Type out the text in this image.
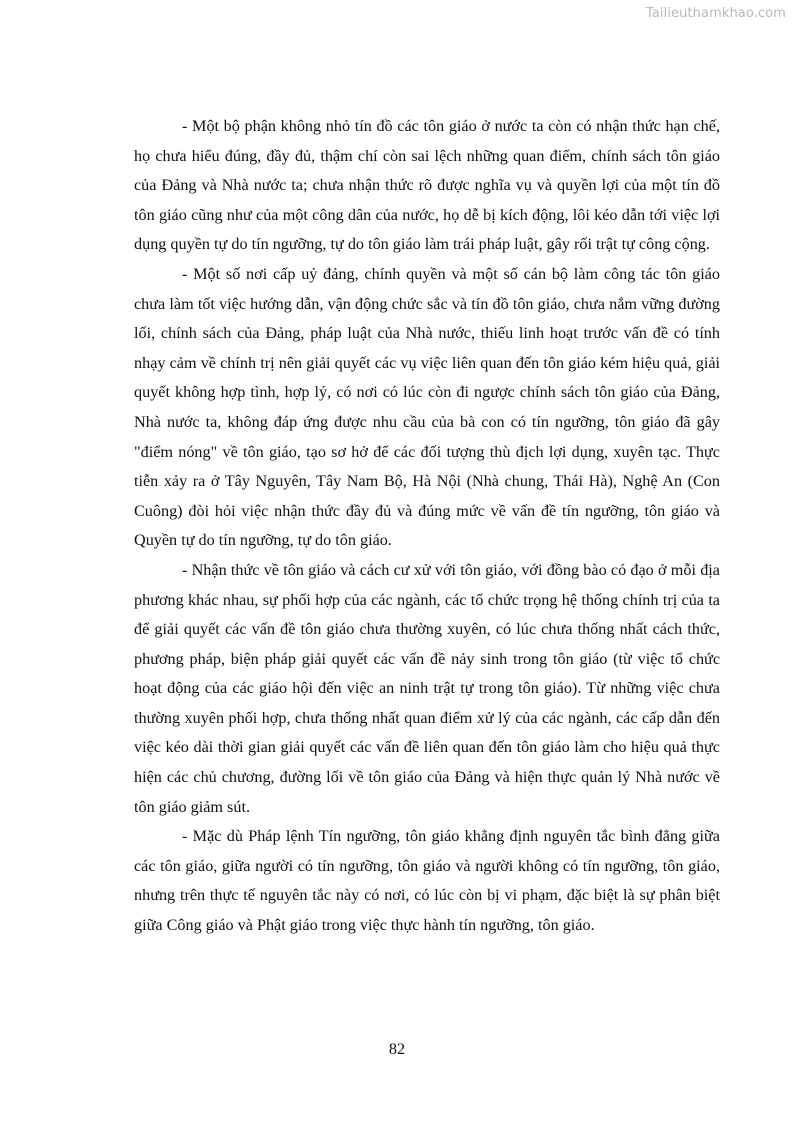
Tailieuthamkhao.com

- Một bộ phận không nhỏ tín đồ các tôn giáo ở nước ta còn có nhận thức hạn chế, họ chưa hiểu đúng, đầy đủ, thậm chí còn sai lệch những quan điểm, chính sách tôn giáo của Đảng và Nhà nước ta; chưa nhận thức rõ được nghĩa vụ và quyền lợi của một tín đồ tôn giáo cũng như của một công dân của nước, họ dễ bị kích động, lôi kéo dẫn tới việc lợi dụng quyền tự do tín ngưỡng, tự do tôn giáo làm trái pháp luật, gây rối trật tự công cộng.

- Một số nơi cấp uỷ đảng, chính quyền và một số cán bộ làm công tác tôn giáo chưa làm tốt việc hướng dẫn, vận động chức sắc và tín đồ tôn giáo, chưa nắm vững đường lối, chính sách của Đảng, pháp luật của Nhà nước, thiếu linh hoạt trước vấn đề có tính nhạy cảm về chính trị nên giải quyết các vụ việc liên quan đến tôn giáo kém hiệu quả, giải quyết không hợp tình, hợp lý, có nơi có lúc còn đi ngược chính sách tôn giáo của Đảng, Nhà nước ta, không đáp ứng được nhu cầu của bà con có tín ngưỡng, tôn giáo đã gây "điểm nóng" về tôn giáo, tạo sơ hở để các đối tượng thù địch lợi dụng, xuyên tạc. Thực tiễn xảy ra ở Tây Nguyên, Tây Nam Bộ, Hà Nội (Nhà chung, Thái Hà), Nghệ An (Con Cuông) đòi hỏi việc nhận thức đầy đủ và đúng mức về vấn đề tín ngưỡng, tôn giáo và Quyền tự do tín ngưỡng, tự do tôn giáo.

- Nhận thức về tôn giáo và cách cư xử với tôn giáo, với đồng bào có đạo ở mỗi địa phương khác nhau, sự phối hợp của các ngành, các tổ chức trọng hệ thống chính trị của ta để giải quyết các vấn đề tôn giáo chưa thường xuyên, có lúc chưa thống nhất cách thức, phương pháp, biện pháp giải quyết các vấn đề nảy sinh trong tôn giáo (từ việc tổ chức hoạt động của các giáo hội đến việc an ninh trật tự trong tôn giáo). Từ những việc chưa thường xuyên phối hợp, chưa thống nhất quan điểm xử lý của các ngành, các cấp dẫn đến việc kéo dài thời gian giải quyết các vấn đề liên quan đến tôn giáo làm cho hiệu quả thực hiện các chủ chương, đường lối về tôn giáo của Đảng và hiện thực quản lý Nhà nước về tôn giáo giảm sút.

- Mặc dù Pháp lệnh Tín ngưỡng, tôn giáo khẳng định nguyên tắc bình đẳng giữa các tôn giáo, giữa người có tín ngưỡng, tôn giáo và người không có tín ngưỡng, tôn giáo, nhưng trên thực tế nguyên tắc này có nơi, có lúc còn bị vi phạm, đặc biệt là sự phân biệt giữa Công giáo và Phật giáo trong việc thực hành tín ngưỡng, tôn giáo.

82
